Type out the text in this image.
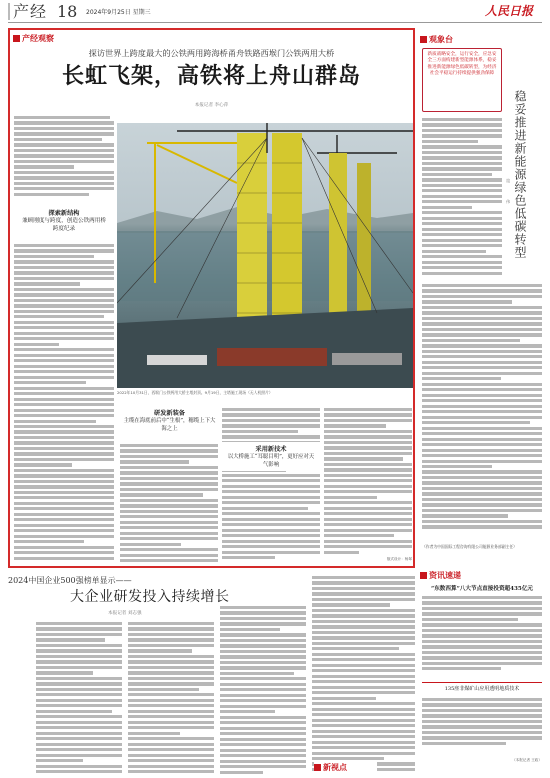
产经 18 2024年9月25日 星期三	人民日报
产经观察
探访世界上跨度最大的公铁两用跨海桥甬舟铁路西堠门公铁两用大桥
长虹飞架，高铁将上舟山群岛
本报记者 李心萍
探索新结构
兼顾刚度与跨度，创造公铁两用桥跨度纪录
2022年10月31日，西堠门公铁两用大桥主塔封顶。9月19日，主塔施工现场（无人机照片）
研发新装备
主缆在海底前后中“生根”，穗缆上下大海之上
采用新技术
以大桥施工“耳聪目明”，更好应对天气影响
版式设计：杨翠
观象台
新质战略安全，运行安全，应急安全三方面构建新型能源体系，稳妥推进新能源绿色低碳转型，为经济社会平稳运行持续提供强劲保障
稳妥推进新能源绿色低碳转型
寇
伟
（作者为中国国际工程咨询有限公司能源业务部副主任）
资讯速递
“东数西算”八大节点直接投资超435亿元
135座非煤矿山应用透明地质技术
（本报记者 王政）
2024中国企业500强榜单显示——
大企业研发投入持续增长
本报记者 刘志强
新视点
